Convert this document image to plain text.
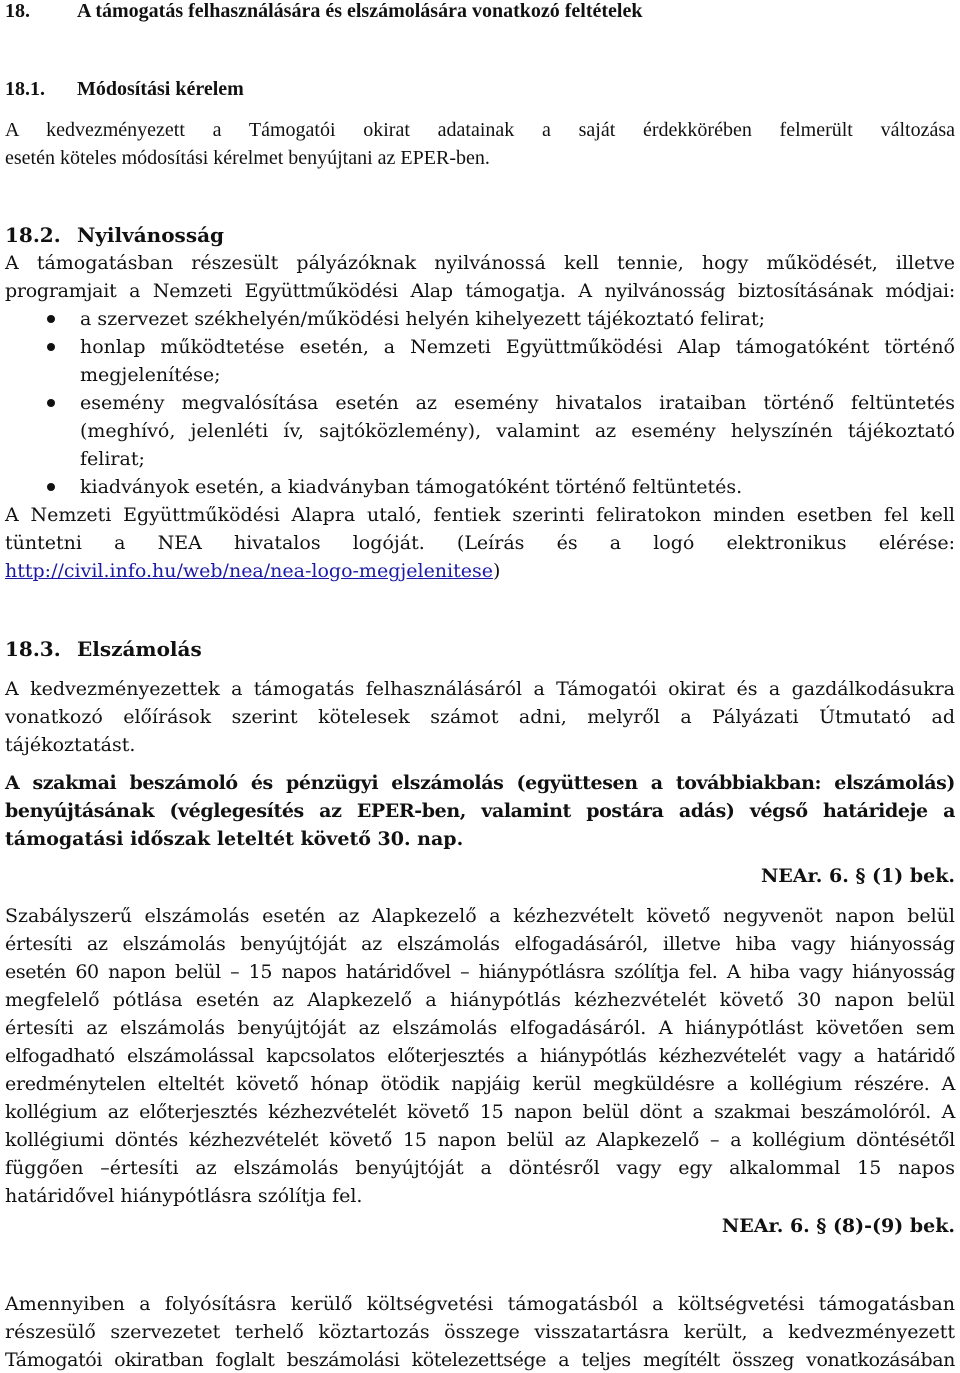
18. A támogatás felhasználására és elszámolására vonatkozó feltételek
18.1. Módosítási kérelem
A kedvezményezett a Támogatói okirat adatainak a saját érdekkörében felmerült változása
esetén köteles módosítási kérelmet benyújtani az EPER-ben.
18.2. Nyilvánosság
A támogatásban részesült pályázóknak nyilvánossá kell tennie, hogy működését, illetve
programjait a Nemzeti Együttműködési Alap támogatja. A nyilvánosság biztosításának módjai:
a szervezet székhelyén/működési helyén kihelyezett tájékoztató felirat;
honlap működtetése esetén, a Nemzeti Együttműködési Alap támogatóként történő
megjelenítése;
esemény megvalósítása esetén az esemény hivatalos irataiban történő feltüntetés
(meghívó, jelenléti ív, sajtóközlemény), valamint az esemény helyszínén tájékoztató
felirat;
kiadványok esetén, a kiadványban támogatóként történő feltüntetés.
A Nemzeti Együttműködési Alapra utaló, fentiek szerinti feliratokon minden esetben fel kell
tüntetni a NEA hivatalos logóját. (Leírás és a logó elektronikus elérése:
http://civil.info.hu/web/nea/nea-logo-megjelenitese)
18.3. Elszámolás
A kedvezményezettek a támogatás felhasználásáról a Támogatói okirat és a gazdálkodásukra
vonatkozó előírások szerint kötelesek számot adni, melyről a Pályázati Útmutató ad
tájékoztatást.
A szakmai beszámoló és pénzügyi elszámolás (együttesen a továbbiakban: elszámolás)
benyújtásának (véglegesítés az EPER-ben, valamint postára adás) végső határideje a
támogatási időszak leteltét követő 30. nap.
NEAr. 6. § (1) bek.
Szabályszerű elszámolás esetén az Alapkezelő a kézhezvételt követő negyvenöt napon belül
értesíti az elszámolás benyújtóját az elszámolás elfogadásáról, illetve hiba vagy hiányosság
esetén 60 napon belül – 15 napos határidővel – hiánypótlásra szólítja fel. A hiba vagy hiányosság
megfelelő pótlása esetén az Alapkezelő a hiánypótlás kézhezvételét követő 30 napon belül
értesíti az elszámolás benyújtóját az elszámolás elfogadásáról. A hiánypótlást követően sem
elfogadható elszámolással kapcsolatos előterjesztés a hiánypótlás kézhezvételét vagy a határidő
eredménytelen elteltét követő hónap ötödik napjáig kerül megküldésre a kollégium részére. A
kollégium az előterjesztés kézhezvételét követő 15 napon belül dönt a szakmai beszámolóról. A
kollégiumi döntés kézhezvételét követő 15 napon belül az Alapkezelő – a kollégium döntésétől
függően –értesíti az elszámolás benyújtóját a döntésről vagy egy alkalommal 15 napos
határidővel hiánypótlásra szólítja fel.
NEAr. 6. § (8)-(9) bek.
Amennyiben a folyósításra kerülő költségvetési támogatásból a költségvetési támogatásban
részesülő szervezetet terhelő köztartozás összege visszatartásra került, a kedvezményezett
Támogatói okiratban foglalt beszámolási kötelezettsége a teljes megítélt összeg vonatkozásában
